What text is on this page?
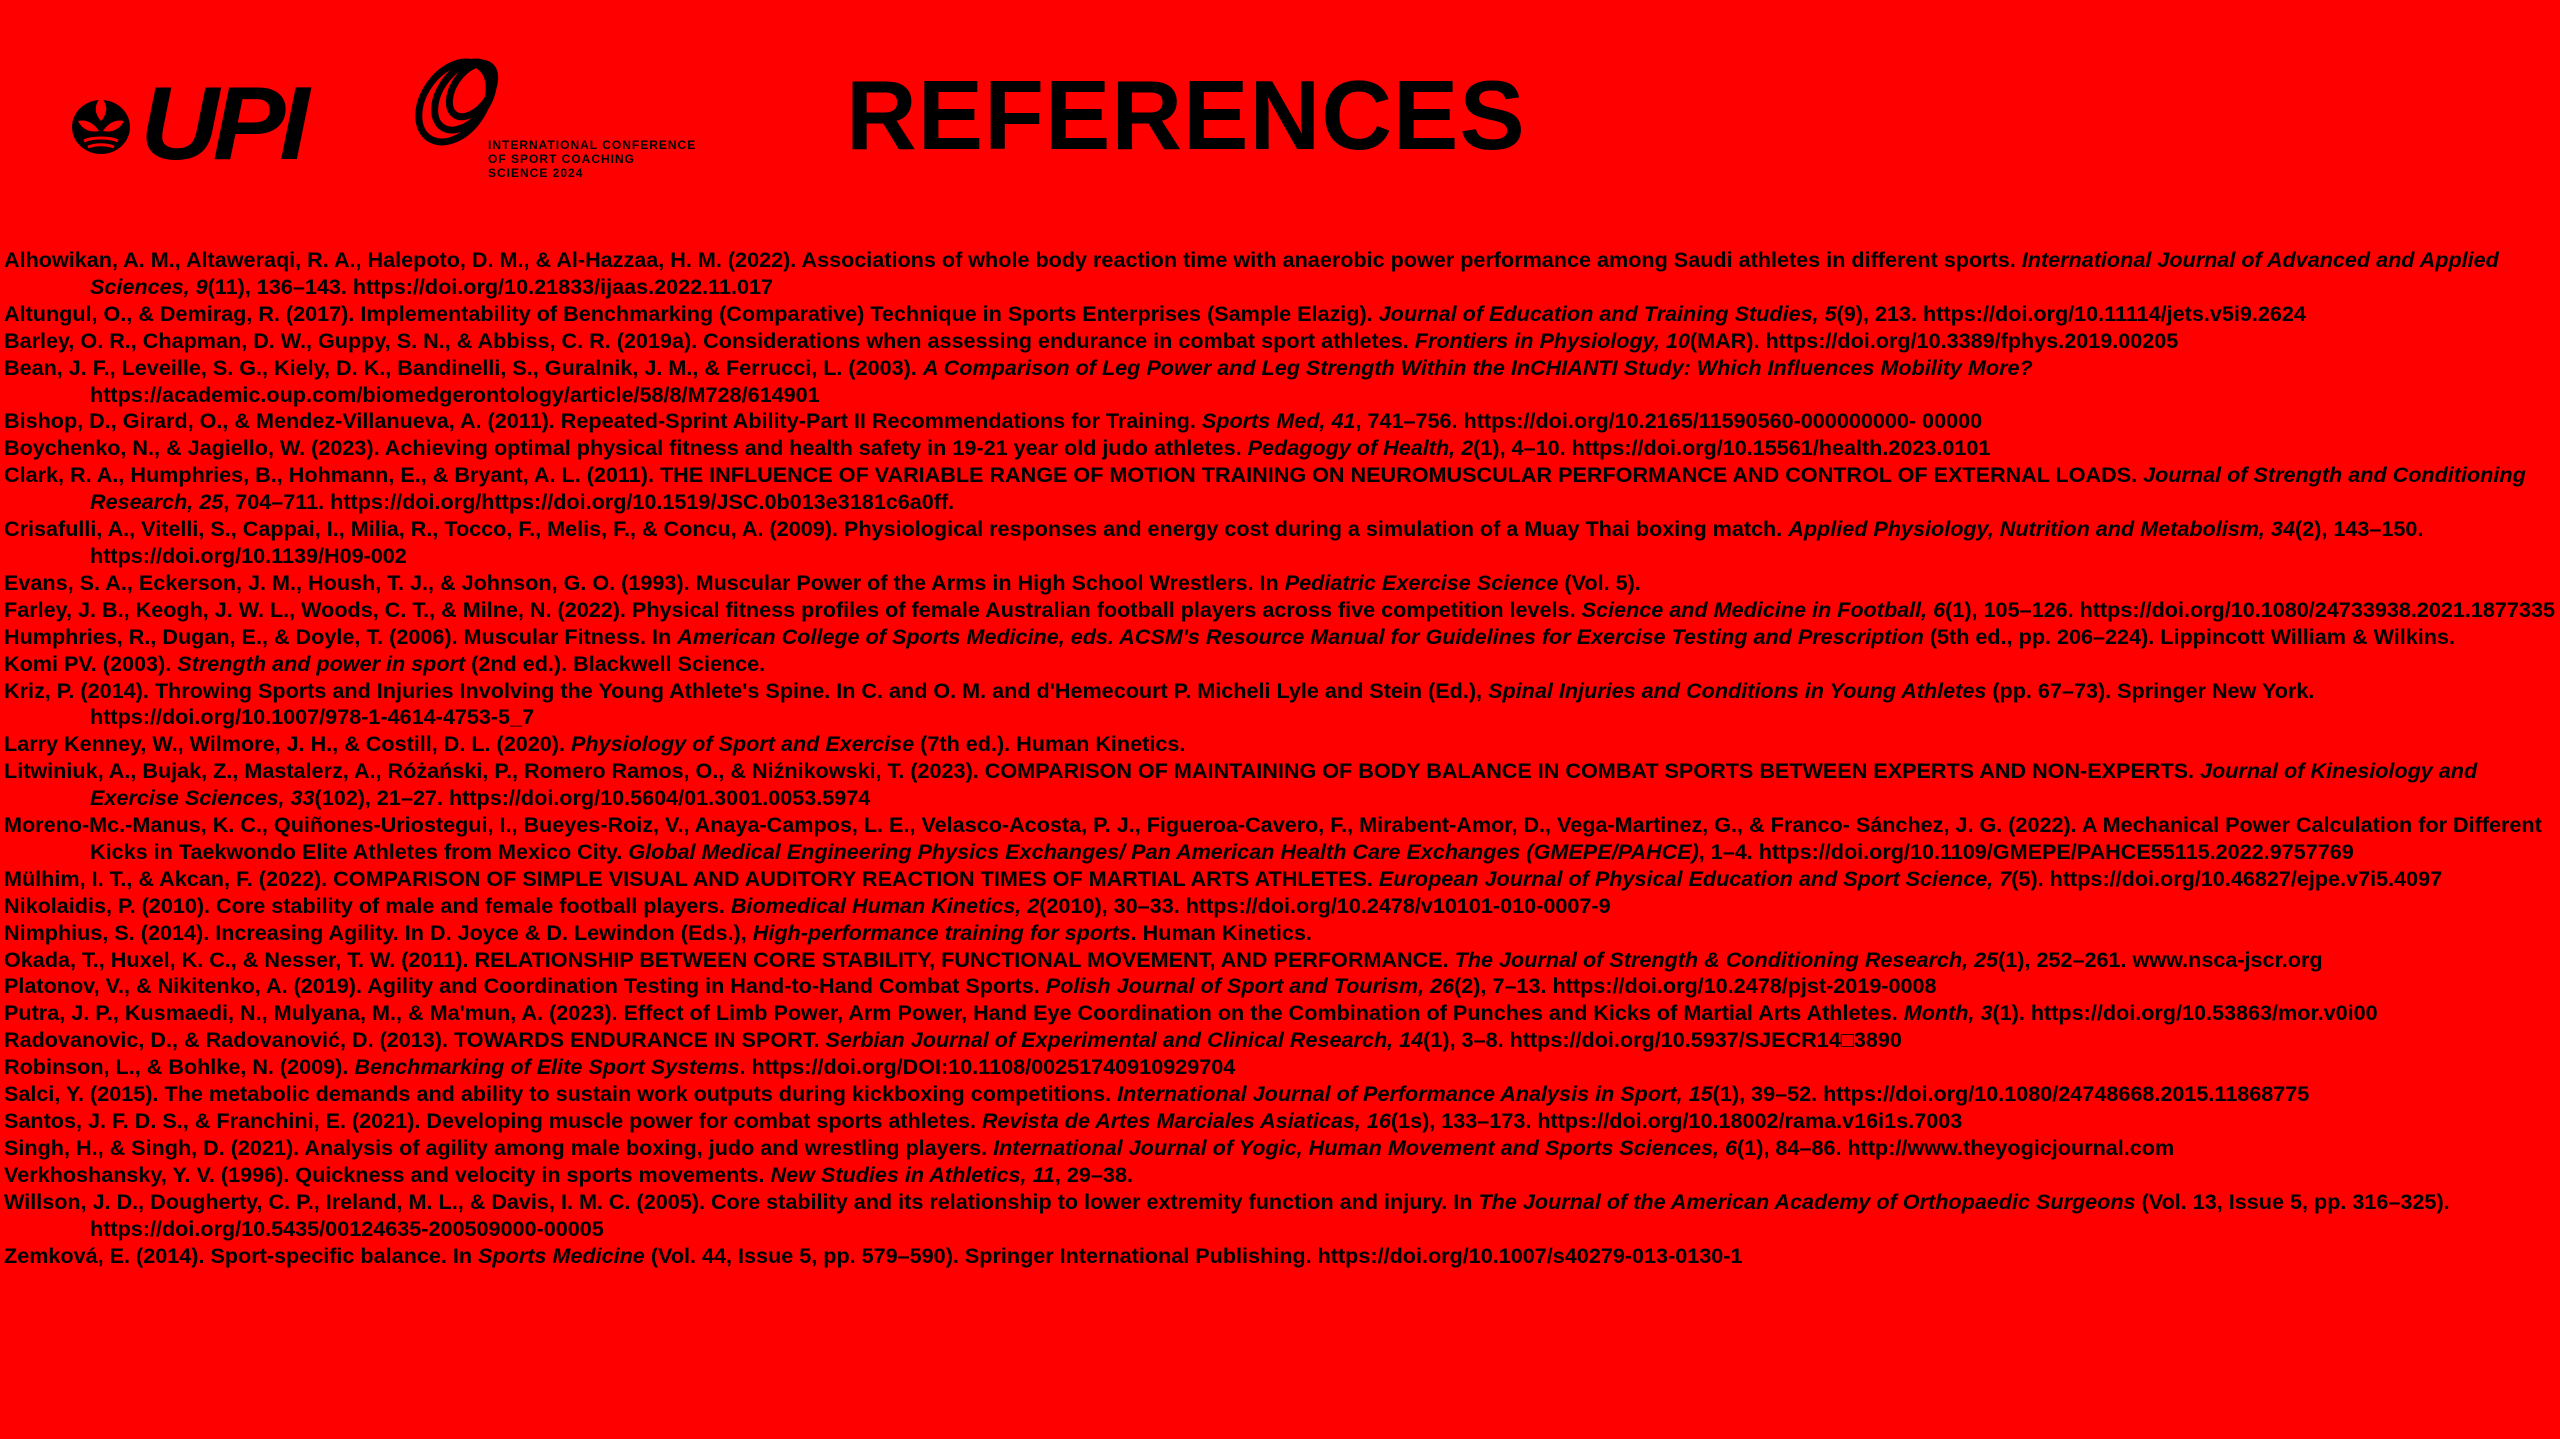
UPI	INTERNATIONAL CONFERENCE
OF SPORT COACHING
SCIENCE 2024
REFERENCES
Alhowikan, A. M., Altaweraqi, R. A., Halepoto, D. M., & Al-Hazzaa, H. M. (2022). Associations of whole body reaction time with anaerobic power performance among Saudi athletes in different sports. International Journal of Advanced and Applied Sciences, 9(11), 136–143. https://doi.org/10.21833/ijaas.2022.11.017
Altungul, O., & Demirag, R. (2017). Implementability of Benchmarking (Comparative) Technique in Sports Enterprises (Sample Elazig). Journal of Education and Training Studies, 5(9), 213. https://doi.org/10.11114/jets.v5i9.2624
Barley, O. R., Chapman, D. W., Guppy, S. N., & Abbiss, C. R. (2019a). Considerations when assessing endurance in combat sport athletes. Frontiers in Physiology, 10(MAR). https://doi.org/10.3389/fphys.2019.00205
Bean, J. F., Leveille, S. G., Kiely, D. K., Bandinelli, S., Guralnik, J. M., & Ferrucci, L. (2003). A Comparison of Leg Power and Leg Strength Within the InCHIANTI Study: Which Influences Mobility More? https://academic.oup.com/biomedgerontology/article/58/8/M728/614901
Bishop, D., Girard, O., & Mendez-Villanueva, A. (2011). Repeated-Sprint Ability-Part II Recommendations for Training. Sports Med, 41, 741–756. https://doi.org/10.2165/11590560-000000000- 00000
Boychenko, N., & Jagiello, W. (2023). Achieving optimal physical fitness and health safety in 19-21 year old judo athletes. Pedagogy of Health, 2(1), 4–10. https://doi.org/10.15561/health.2023.0101
Clark, R. A., Humphries, B., Hohmann, E., & Bryant, A. L. (2011). THE INFLUENCE OF VARIABLE RANGE OF MOTION TRAINING ON NEUROMUSCULAR PERFORMANCE AND CONTROL OF EXTERNAL LOADS. Journal of Strength and Conditioning Research, 25, 704–711. https://doi.org/https://doi.org/10.1519/JSC.0b013e3181c6a0ff.
Crisafulli, A., Vitelli, S., Cappai, I., Milia, R., Tocco, F., Melis, F., & Concu, A. (2009). Physiological responses and energy cost during a simulation of a Muay Thai boxing match. Applied Physiology, Nutrition and Metabolism, 34(2), 143–150. https://doi.org/10.1139/H09-002
Evans, S. A., Eckerson, J. M., Housh, T. J., & Johnson, G. O. (1993). Muscular Power of the Arms in High School Wrestlers. In Pediatric Exercise Science (Vol. 5).
Farley, J. B., Keogh, J. W. L., Woods, C. T., & Milne, N. (2022). Physical fitness profiles of female Australian football players across five competition levels. Science and Medicine in Football, 6(1), 105–126. https://doi.org/10.1080/24733938.2021.1877335
Humphries, R., Dugan, E., & Doyle, T. (2006). Muscular Fitness. In American College of Sports Medicine, eds. ACSM's Resource Manual for Guidelines for Exercise Testing and Prescription (5th ed., pp. 206–224). Lippincott William & Wilkins.
Komi PV. (2003). Strength and power in sport (2nd ed.). Blackwell Science.
Kriz, P. (2014). Throwing Sports and Injuries Involving the Young Athlete's Spine. In C. and O. M. and d'Hemecourt P. Micheli Lyle and Stein (Ed.), Spinal Injuries and Conditions in Young Athletes (pp. 67–73). Springer New York. https://doi.org/10.1007/978-1-4614-4753-5_7
Larry Kenney, W., Wilmore, J. H., & Costill, D. L. (2020). Physiology of Sport and Exercise (7th ed.). Human Kinetics.
Litwiniuk, A., Bujak, Z., Mastalerz, A., Różański, P., Romero Ramos, O., & Niźnikowski, T. (2023). COMPARISON OF MAINTAINING OF BODY BALANCE IN COMBAT SPORTS BETWEEN EXPERTS AND NON-EXPERTS. Journal of Kinesiology and Exercise Sciences, 33(102), 21–27. https://doi.org/10.5604/01.3001.0053.5974
Moreno-Mc.-Manus, K. C., Quiñones-Uriostegui, I., Bueyes-Roiz, V., Anaya-Campos, L. E., Velasco-Acosta, P. J., Figueroa-Cavero, F., Mirabent-Amor, D., Vega-Martinez, G., & Franco- Sánchez, J. G. (2022). A Mechanical Power Calculation for Different Kicks in Taekwondo Elite Athletes from Mexico City. Global Medical Engineering Physics Exchanges/ Pan American Health Care Exchanges (GMEPE/PAHCE), 1–4. https://doi.org/10.1109/GMEPE/PAHCE55115.2022.9757769
Mülhim, I. T., & Akcan, F. (2022). COMPARISON OF SIMPLE VISUAL AND AUDITORY REACTION TIMES OF MARTIAL ARTS ATHLETES. European Journal of Physical Education and Sport Science, 7(5). https://doi.org/10.46827/ejpe.v7i5.4097
Nikolaidis, P. (2010). Core stability of male and female football players. Biomedical Human Kinetics, 2(2010), 30–33. https://doi.org/10.2478/v10101-010-0007-9
Nimphius, S. (2014). Increasing Agility. In D. Joyce & D. Lewindon (Eds.), High-performance training for sports. Human Kinetics.
Okada, T., Huxel, K. C., & Nesser, T. W. (2011). RELATIONSHIP BETWEEN CORE STABILITY, FUNCTIONAL MOVEMENT, AND PERFORMANCE. The Journal of Strength & Conditioning Research, 25(1), 252–261. www.nsca-jscr.org
Platonov, V., & Nikitenko, A. (2019). Agility and Coordination Testing in Hand-to-Hand Combat Sports. Polish Journal of Sport and Tourism, 26(2), 7–13. https://doi.org/10.2478/pjst-2019-0008
Putra, J. P., Kusmaedi, N., Mulyana, M., & Ma'mun, A. (2023). Effect of Limb Power, Arm Power, Hand Eye Coordination on the Combination of Punches and Kicks of Martial Arts Athletes. Month, 3(1). https://doi.org/10.53863/mor.v0i00
Radovanovic, D., & Radovanović, D. (2013). TOWARDS ENDURANCE IN SPORT. Serbian Journal of Experimental and Clinical Research, 14(1), 3–8. https://doi.org/10.5937/SJECR14□3890
Robinson, L., & Bohlke, N. (2009). Benchmarking of Elite Sport Systems. https://doi.org/DOI:10.1108/00251740910929704
Salci, Y. (2015). The metabolic demands and ability to sustain work outputs during kickboxing competitions. International Journal of Performance Analysis in Sport, 15(1), 39–52. https://doi.org/10.1080/24748668.2015.11868775
Santos, J. F. D. S., & Franchini, E. (2021). Developing muscle power for combat sports athletes. Revista de Artes Marciales Asiaticas, 16(1s), 133–173. https://doi.org/10.18002/rama.v16i1s.7003
Singh, H., & Singh, D. (2021). Analysis of agility among male boxing, judo and wrestling players. International Journal of Yogic, Human Movement and Sports Sciences, 6(1), 84–86. http://www.theyogicjournal.com
Verkhoshansky, Y. V. (1996). Quickness and velocity in sports movements. New Studies in Athletics, 11, 29–38.
Willson, J. D., Dougherty, C. P., Ireland, M. L., & Davis, I. M. C. (2005). Core stability and its relationship to lower extremity function and injury. In The Journal of the American Academy of Orthopaedic Surgeons (Vol. 13, Issue 5, pp. 316–325). https://doi.org/10.5435/00124635-200509000-00005
Zemková, E. (2014). Sport-specific balance. In Sports Medicine (Vol. 44, Issue 5, pp. 579–590). Springer International Publishing. https://doi.org/10.1007/s40279-013-0130-1
